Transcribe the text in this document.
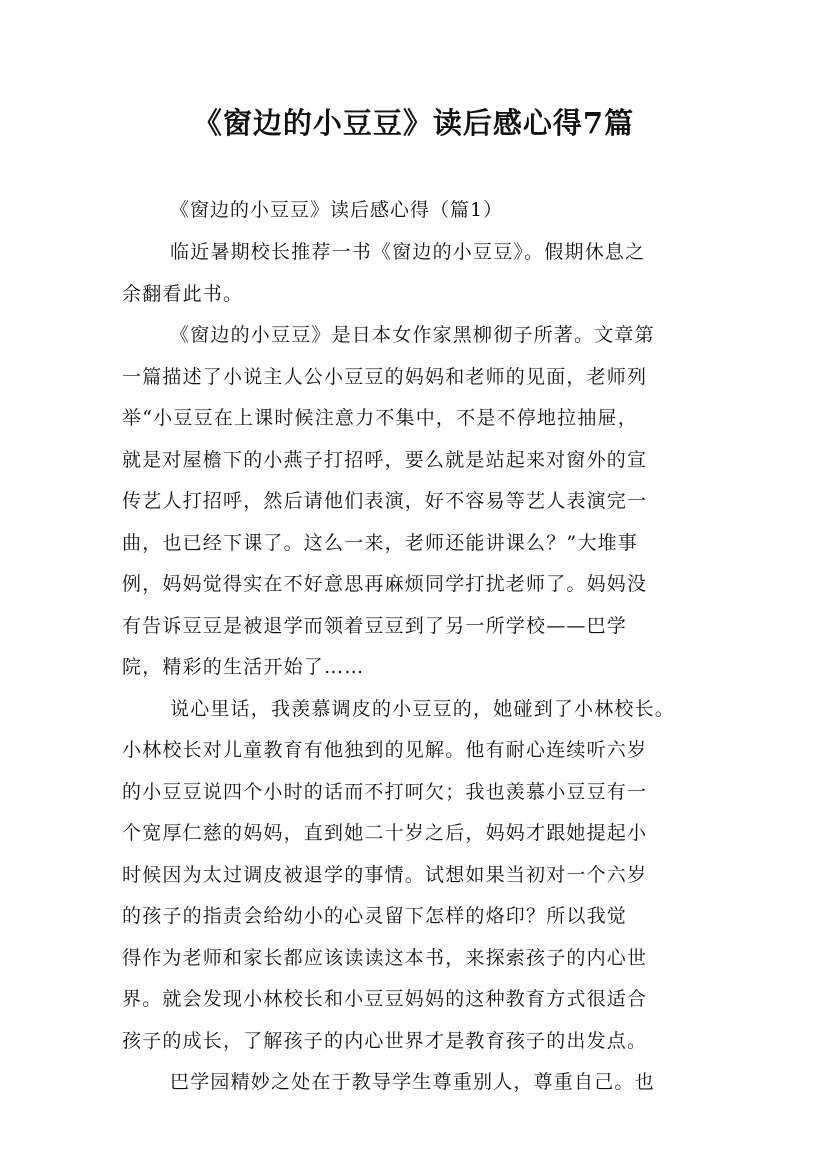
《窗边的小豆豆》读后感心得7篇
《窗边的小豆豆》读后感心得（篇1）
临近暑期校长推荐一书《窗边的小豆豆》。假期休息之
余翻看此书。
《窗边的小豆豆》是日本女作家黑柳彻子所著。文章第
一篇描述了小说主人公小豆豆的妈妈和老师的见面，老师列
举“小豆豆在上课时候注意力不集中，不是不停地拉抽屉，
就是对屋檐下的小燕子打招呼，要么就是站起来对窗外的宣
传艺人打招呼，然后请他们表演，好不容易等艺人表演完一
曲，也已经下课了。这么一来，老师还能讲课么？”大堆事
例，妈妈觉得实在不好意思再麻烦同学打扰老师了。妈妈没
有告诉豆豆是被退学而领着豆豆到了另一所学校——巴学
院，精彩的生活开始了……
说心里话，我羡慕调皮的小豆豆的，她碰到了小林校长。
小林校长对儿童教育有他独到的见解。他有耐心连续听六岁
的小豆豆说四个小时的话而不打呵欠；我也羡慕小豆豆有一
个宽厚仁慈的妈妈，直到她二十岁之后，妈妈才跟她提起小
时候因为太过调皮被退学的事情。试想如果当初对一个六岁
的孩子的指责会给幼小的心灵留下怎样的烙印？所以我觉
得作为老师和家长都应该读读这本书，来探索孩子的内心世
界。就会发现小林校长和小豆豆妈妈的这种教育方式很适合
孩子的成长，了解孩子的内心世界才是教育孩子的出发点。
巴学园精妙之处在于教导学生尊重别人，尊重自己。也
